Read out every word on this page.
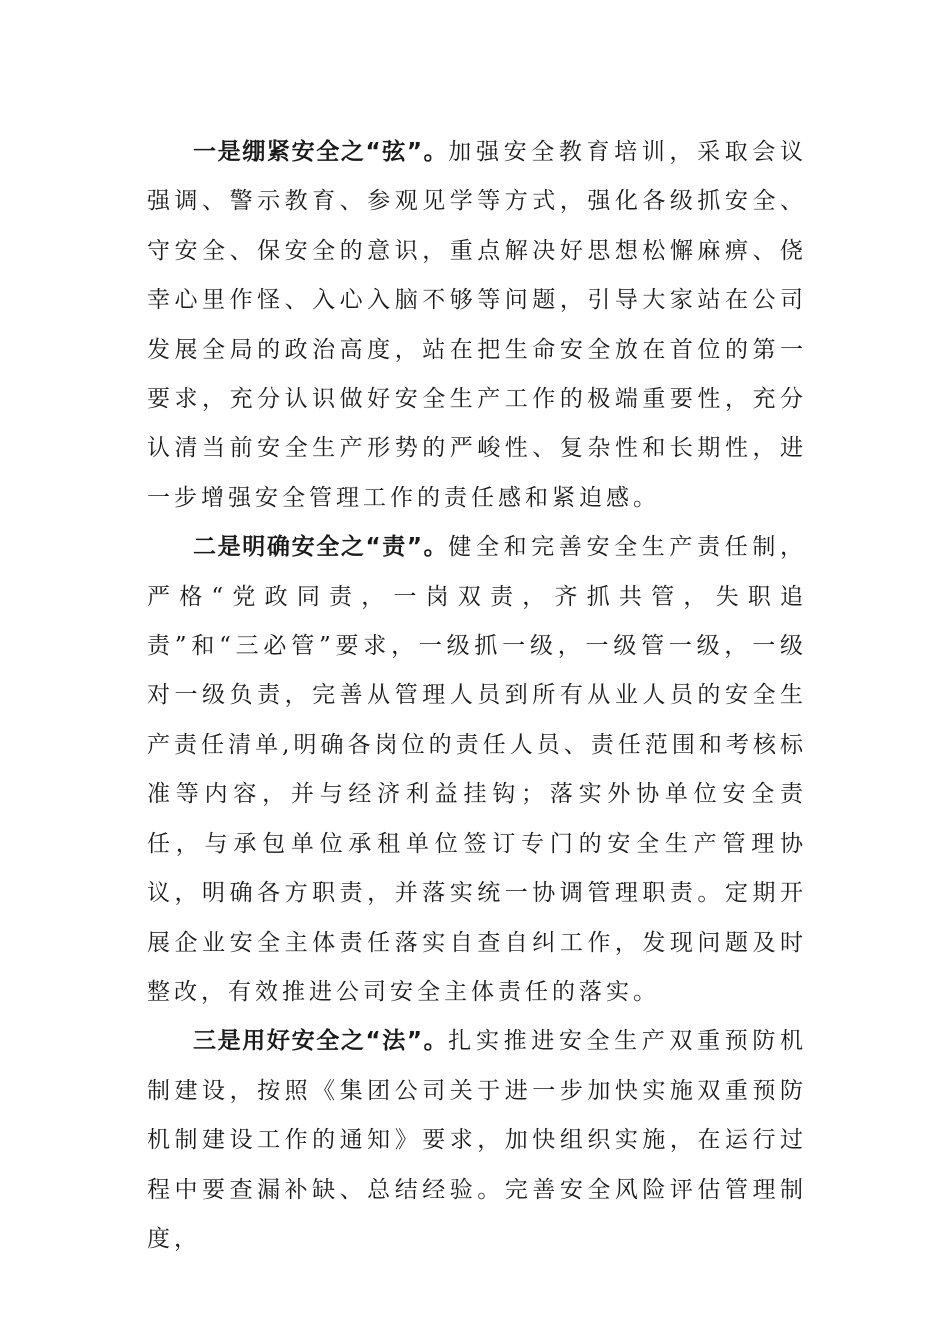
一是绷紧安全之“弦”。加强安全教育培训，采取会议强调、警示教育、参观见学等方式，强化各级抓安全、守安全、保安全的意识，重点解决好思想松懈麻痹、侥幸心里作怪、入心入脑不够等问题，引导大家站在公司发展全局的政治高度，站在把生命安全放在首位的第一要求，充分认识做好安全生产工作的极端重要性，充分认清当前安全生产形势的严峻性、复杂性和长期性，进一步增强安全管理工作的责任感和紧迫感。

二是明确安全之“责”。健全和完善安全生产责任制，严格“党政同责，一岗双责，齐抓共管，失职追责”和“三必管”要求，一级抓一级，一级管一级，一级对一级负责，完善从管理人员到所有从业人员的安全生产责任清单,明确各岗位的责任人员、责任范围和考核标准等内容，并与经济利益挂钩；落实外协单位安全责任，与承包单位承租单位签订专门的安全生产管理协议，明确各方职责，并落实统一协调管理职责。定期开展企业安全主体责任落实自查自纠工作，发现问题及时整改，有效推进公司安全主体责任的落实。

三是用好安全之“法”。扎实推进安全生产双重预防机制建设，按照《集团公司关于进一步加快实施双重预防机制建设工作的通知》要求，加快组织实施，在运行过程中要查漏补缺、总结经验。完善安全风险评估管理制度，
